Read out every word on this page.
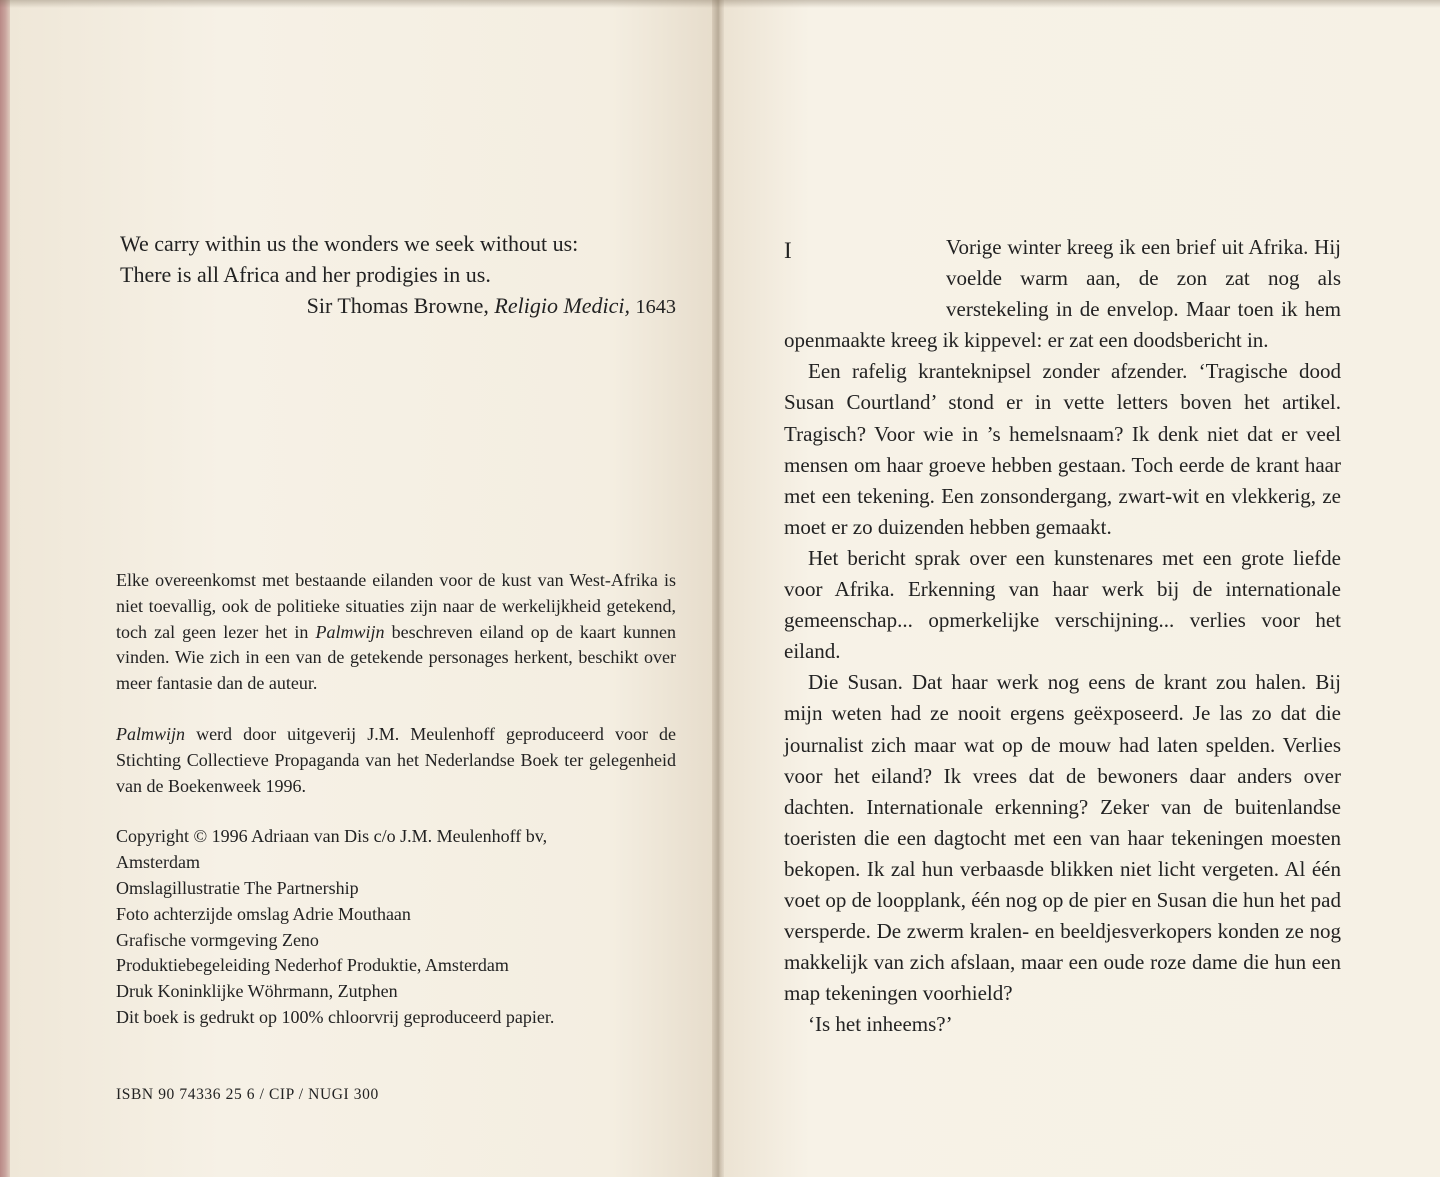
We carry within us the wonders we seek without us:
There is all Africa and her prodigies in us.
Sir Thomas Browne, Religio Medici, 1643

Elke overeenkomst met bestaande eilanden voor de kust van West-Afrika is niet toevallig, ook de politieke situaties zijn naar de werkelijkheid getekend, toch zal geen lezer het in Palmwijn beschreven eiland op de kaart kunnen vinden. Wie zich in een van de getekende personages herkent, beschikt over meer fantasie dan de auteur.

Palmwijn werd door uitgeverij J.M. Meulenhoff geproduceerd voor de Stichting Collectieve Propaganda van het Nederlandse Boek ter gelegenheid van de Boekenweek 1996.

Copyright © 1996 Adriaan van Dis c/o J.M. Meulenhoff bv,
Amsterdam
Omslagillustratie The Partnership
Foto achterzijde omslag Adrie Mouthaan
Grafische vormgeving Zeno
Produktiebegeleiding Nederhof Produktie, Amsterdam
Druk Koninklijke Wöhrmann, Zutphen
Dit boek is gedrukt op 100% chloorvrij geproduceerd papier.
ISBN 90 74336 25 6 / CIP / NUGI 300
I	Vorige winter kreeg ik een brief uit Afrika. Hij voelde warm aan, de zon zat nog als verstekeling in de envelop. Maar toen ik hem openmaakte kreeg ik kippevel: er zat een doodsbericht in.

Een rafelig kranteknipsel zonder afzender. ‘Tragische dood Susan Courtland’ stond er in vette letters boven het artikel. Tragisch? Voor wie in ’s hemelsnaam? Ik denk niet dat er veel mensen om haar groeve hebben gestaan. Toch eerde de krant haar met een tekening. Een zonsondergang, zwart-wit en vlekkerig, ze moet er zo duizenden hebben gemaakt.

Het bericht sprak over een kunstenares met een grote liefde voor Afrika. Erkenning van haar werk bij de internationale gemeenschap... opmerkelijke verschijning... verlies voor het eiland.

Die Susan. Dat haar werk nog eens de krant zou halen. Bij mijn weten had ze nooit ergens geëxposeerd. Je las zo dat die journalist zich maar wat op de mouw had laten spelden. Verlies voor het eiland? Ik vrees dat de bewoners daar anders over dachten. Internationale erkenning? Zeker van de buitenlandse toeristen die een dagtocht met een van haar tekeningen moesten bekopen. Ik zal hun verbaasde blikken niet licht vergeten. Al één voet op de loopplank, één nog op de pier en Susan die hun het pad versperde. De zwerm kralen- en beeldjesverkopers konden ze nog makkelijk van zich afslaan, maar een oude roze dame die hun een map tekeningen voorhield?

‘Is het inheems?’
